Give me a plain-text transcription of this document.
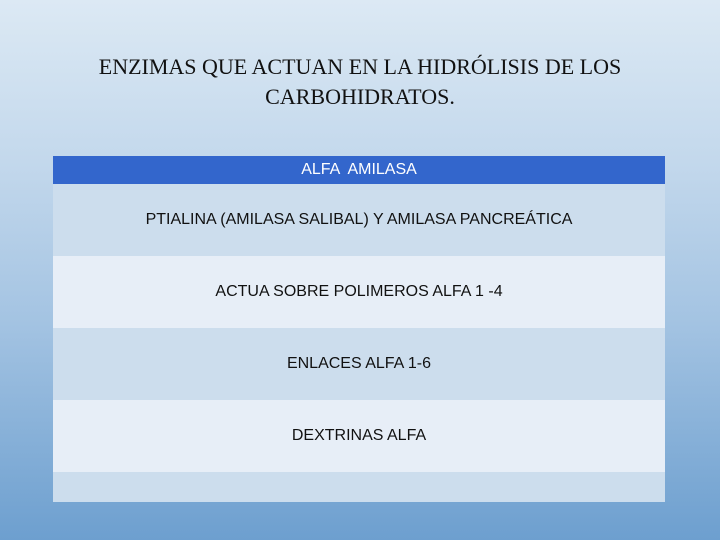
ENZIMAS QUE ACTUAN EN LA HIDRÓLISIS DE LOS
CARBOHIDRATOS.
ALFA  AMILASA
PTIALINA (AMILASA SALIBAL) Y AMILASA PANCREÁTICA
ACTUA SOBRE POLIMEROS ALFA 1 -4
ENLACES ALFA 1-6
DEXTRINAS ALFA
